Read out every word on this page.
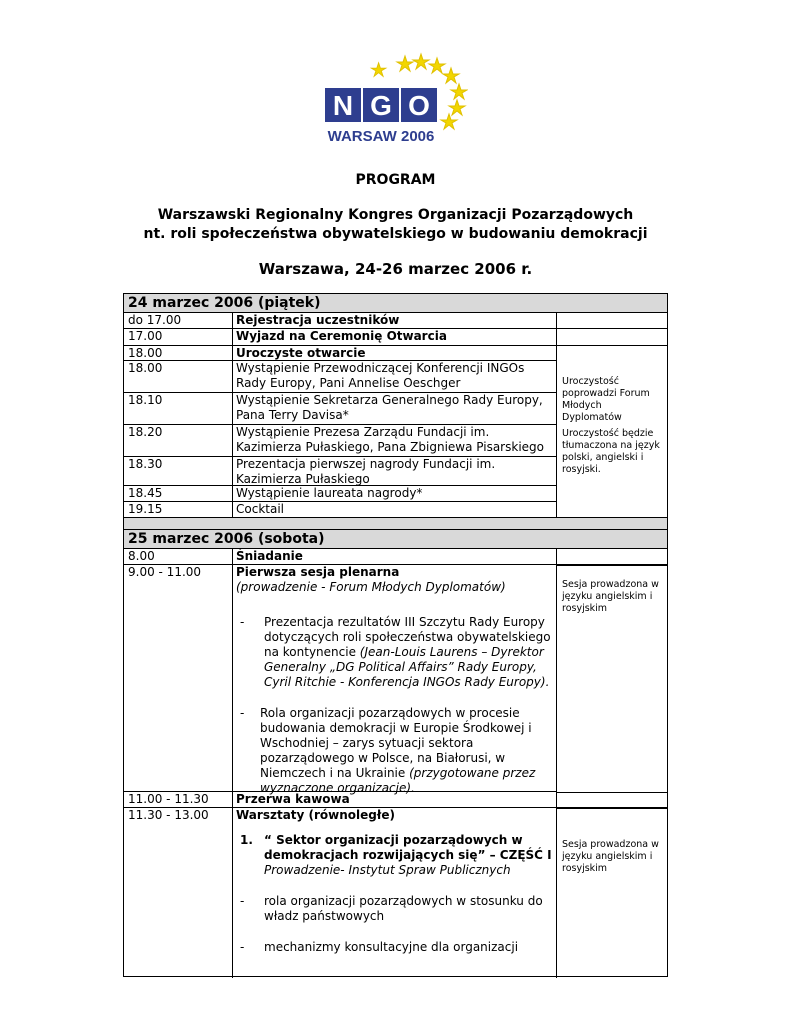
N G O
WARSAW 2006
PROGRAM
Warszawski Regionalny Kongres Organizacji Pozarządowych
nt. roli społeczeństwa obywatelskiego w budowaniu demokracji
Warszawa, 24-26 marzec 2006 r.
24 marzec 2006 (piątek)
do 17.00	Rejestracja uczestników
17.00	Wyjazd na Ceremonię Otwarcia
18.00	Uroczyste otwarcie
18.00	Wystąpienie Przewodniczącej Konferencji INGOs Rady Europy, Pani Annelise Oeschger
18.10	Wystąpienie Sekretarza Generalnego Rady Europy, Pana Terry Davisa*
18.20	Wystąpienie Prezesa Zarządu Fundacji im. Kazimierza Pułaskiego, Pana Zbigniewa Pisarskiego
18.30	Prezentacja pierwszej nagrody Fundacji im. Kazimierza Pułaskiego
18.45	Wystąpienie laureata nagrody*
19.15	Cocktail
Uroczystość poprowadzi Forum Młodych Dyplomatów
Uroczystość będzie tłumaczona na język polski, angielski i rosyjski.
25 marzec 2006 (sobota)
8.00	Śniadanie
9.00 - 11.00	Pierwsza sesja plenarna
(prowadzenie - Forum Młodych Dyplomatów)
- Prezentacja rezultatów III Szczytu Rady Europy dotyczących roli społeczeństwa obywatelskiego na kontynencie (Jean-Louis Laurens – Dyrektor Generalny „DG Political Affairs” Rady Europy, Cyril Ritchie - Konferencja INGOs Rady Europy).
- Rola organizacji pozarządowych w procesie budowania demokracji w Europie Środkowej i Wschodniej – zarys sytuacji sektora pozarządowego w Polsce, na Białorusi, w Niemczech i na Ukrainie (przygotowane przez wyznaczone organizacje).
Sesja prowadzona w języku angielskim i rosyjskim
11.00 - 11.30	Przerwa kawowa
11.30 - 13.00	Warsztaty (równoległe)
1. “ Sektor organizacji pozarządowych w demokracjach rozwijających się” – CZĘŚĆ I
Prowadzenie- Instytut Spraw Publicznych
- rola organizacji pozarządowych w stosunku do władz państwowych
- mechanizmy konsultacyjne dla organizacji
Sesja prowadzona w języku angielskim i rosyjskim
